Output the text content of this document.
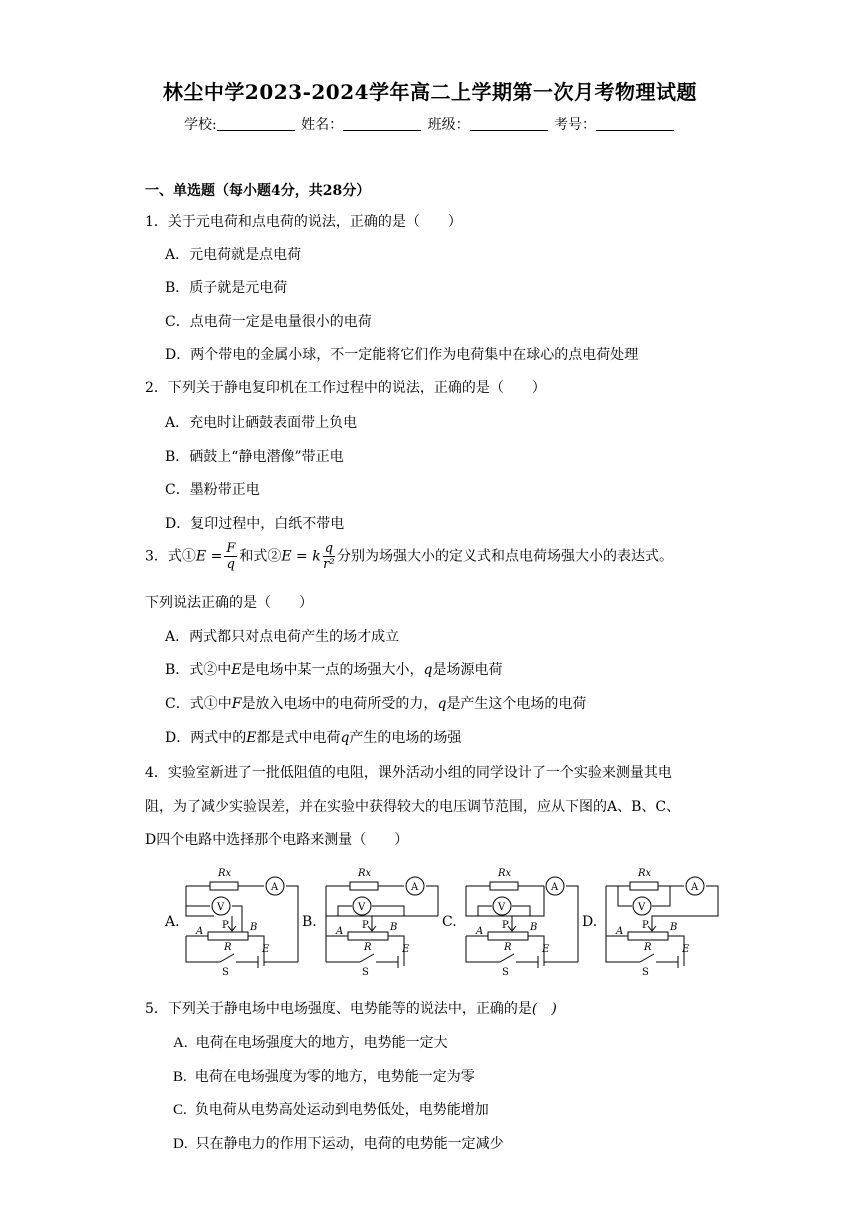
林尘中学2023-2024学年高二上学期第一次月考物理试题
学校:	姓名：	班级：	考号：
一、单选题（每小题4分，共28分）
1．关于元电荷和点电荷的说法，正确的是（　　）
A．元电荷就是点电荷
B．质子就是元电荷
C．点电荷一定是电量很小的电荷
D．两个带电的金属小球，不一定能将它们作为电荷集中在球心的点电荷处理
2．下列关于静电复印机在工作过程中的说法，正确的是（　　）
A．充电时让硒鼓表面带上负电
B．硒鼓上“静电潜像”带正电
C．墨粉带正电
D．复印过程中，白纸不带电
3．式①E = $\frac{F}{q}$ 和式②E = k $\frac{q}{\text{r²}}$ 分别为场强大小的定义式和点电荷场强大小的表达式。
下列说法正确的是（　　）
A．两式都只对点电荷产生的场才成立
B．式②中E是电场中某一点的场强大小，q是场源电荷
C．式①中F是放入电场中的电荷所受的力，q是产生这个电场的电荷
D．两式中的E都是式中电荷q产生的电场的场强
4．实验室新进了一批低阻值的电阻，课外活动小组的同学设计了一个实验来测量其电
阻，为了减少实验误差，并在实验中获得较大的电压调节范围，应从下图的A、B、C、
D四个电路中选择那个电路来测量（　　）
A.
Rx
A
V
P
A	B
R
S
E
B.
Rx
A
V
P
A	B
R
S
E
C.
Rx
A
V
P
A	B
R
S
E
D.
Rx
A
V
P
A	B
R
S
E
5．下列关于静电场中电场强度、电势能等的说法中，正确的是(　)
A. 电荷在电场强度大的地方，电势能一定大
B. 电荷在电场强度为零的地方，电势能一定为零
C. 负电荷从电势高处运动到电势低处，电势能增加
D. 只在静电力的作用下运动，电荷的电势能一定减少
